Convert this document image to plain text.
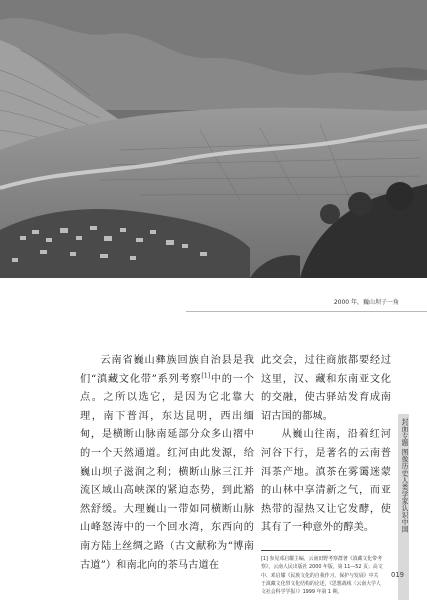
2000 年，巍山坝子一角

云南省巍山彝族回族自治县是我们“滇藏文化带”系列考察[1]中的一个点。之所以选它，是因为它北靠大理，南下普洱，东达昆明，西出缅甸，是横断山脉南延部分众多山褶中的一个天然通道。红河由此发源，给巍山坝子滋润之利；横断山脉三江并流区域山高峡深的紧迫态势，到此豁然舒缓。大理巍山一带如同横断山脉山峰怒涛中的一个回水湾，东西向的南方陆上丝绸之路（古文献称为“博南古道”）和南北向的茶马古道在

此交会，过往商旅都要经过这里，汉、藏和东南亚文化的交融，使古驿站发育成南诏古国的都城。

从巍山往南，沿着红河河谷下行，是著名的云南普洱茶产地。滇茶在雾霭迷蒙的山林中享清新之气，而亚热带的湿热又让它发酵，使其有了一种意外的醇美。

[1] 参见邓启耀主编，云南田野考察群著《滇藏文化带考察》，云南人民出版社 2000 年版，第 11—52 页；高文中、邓启耀《民族文化的自我作习、保护与发展》中关于滇藏文化带文化结构的论述，《思想战线（云南大学人文社会科学学报）》1999 年第 1 期。

封面专题 图像历史人类学家认识中国
019
